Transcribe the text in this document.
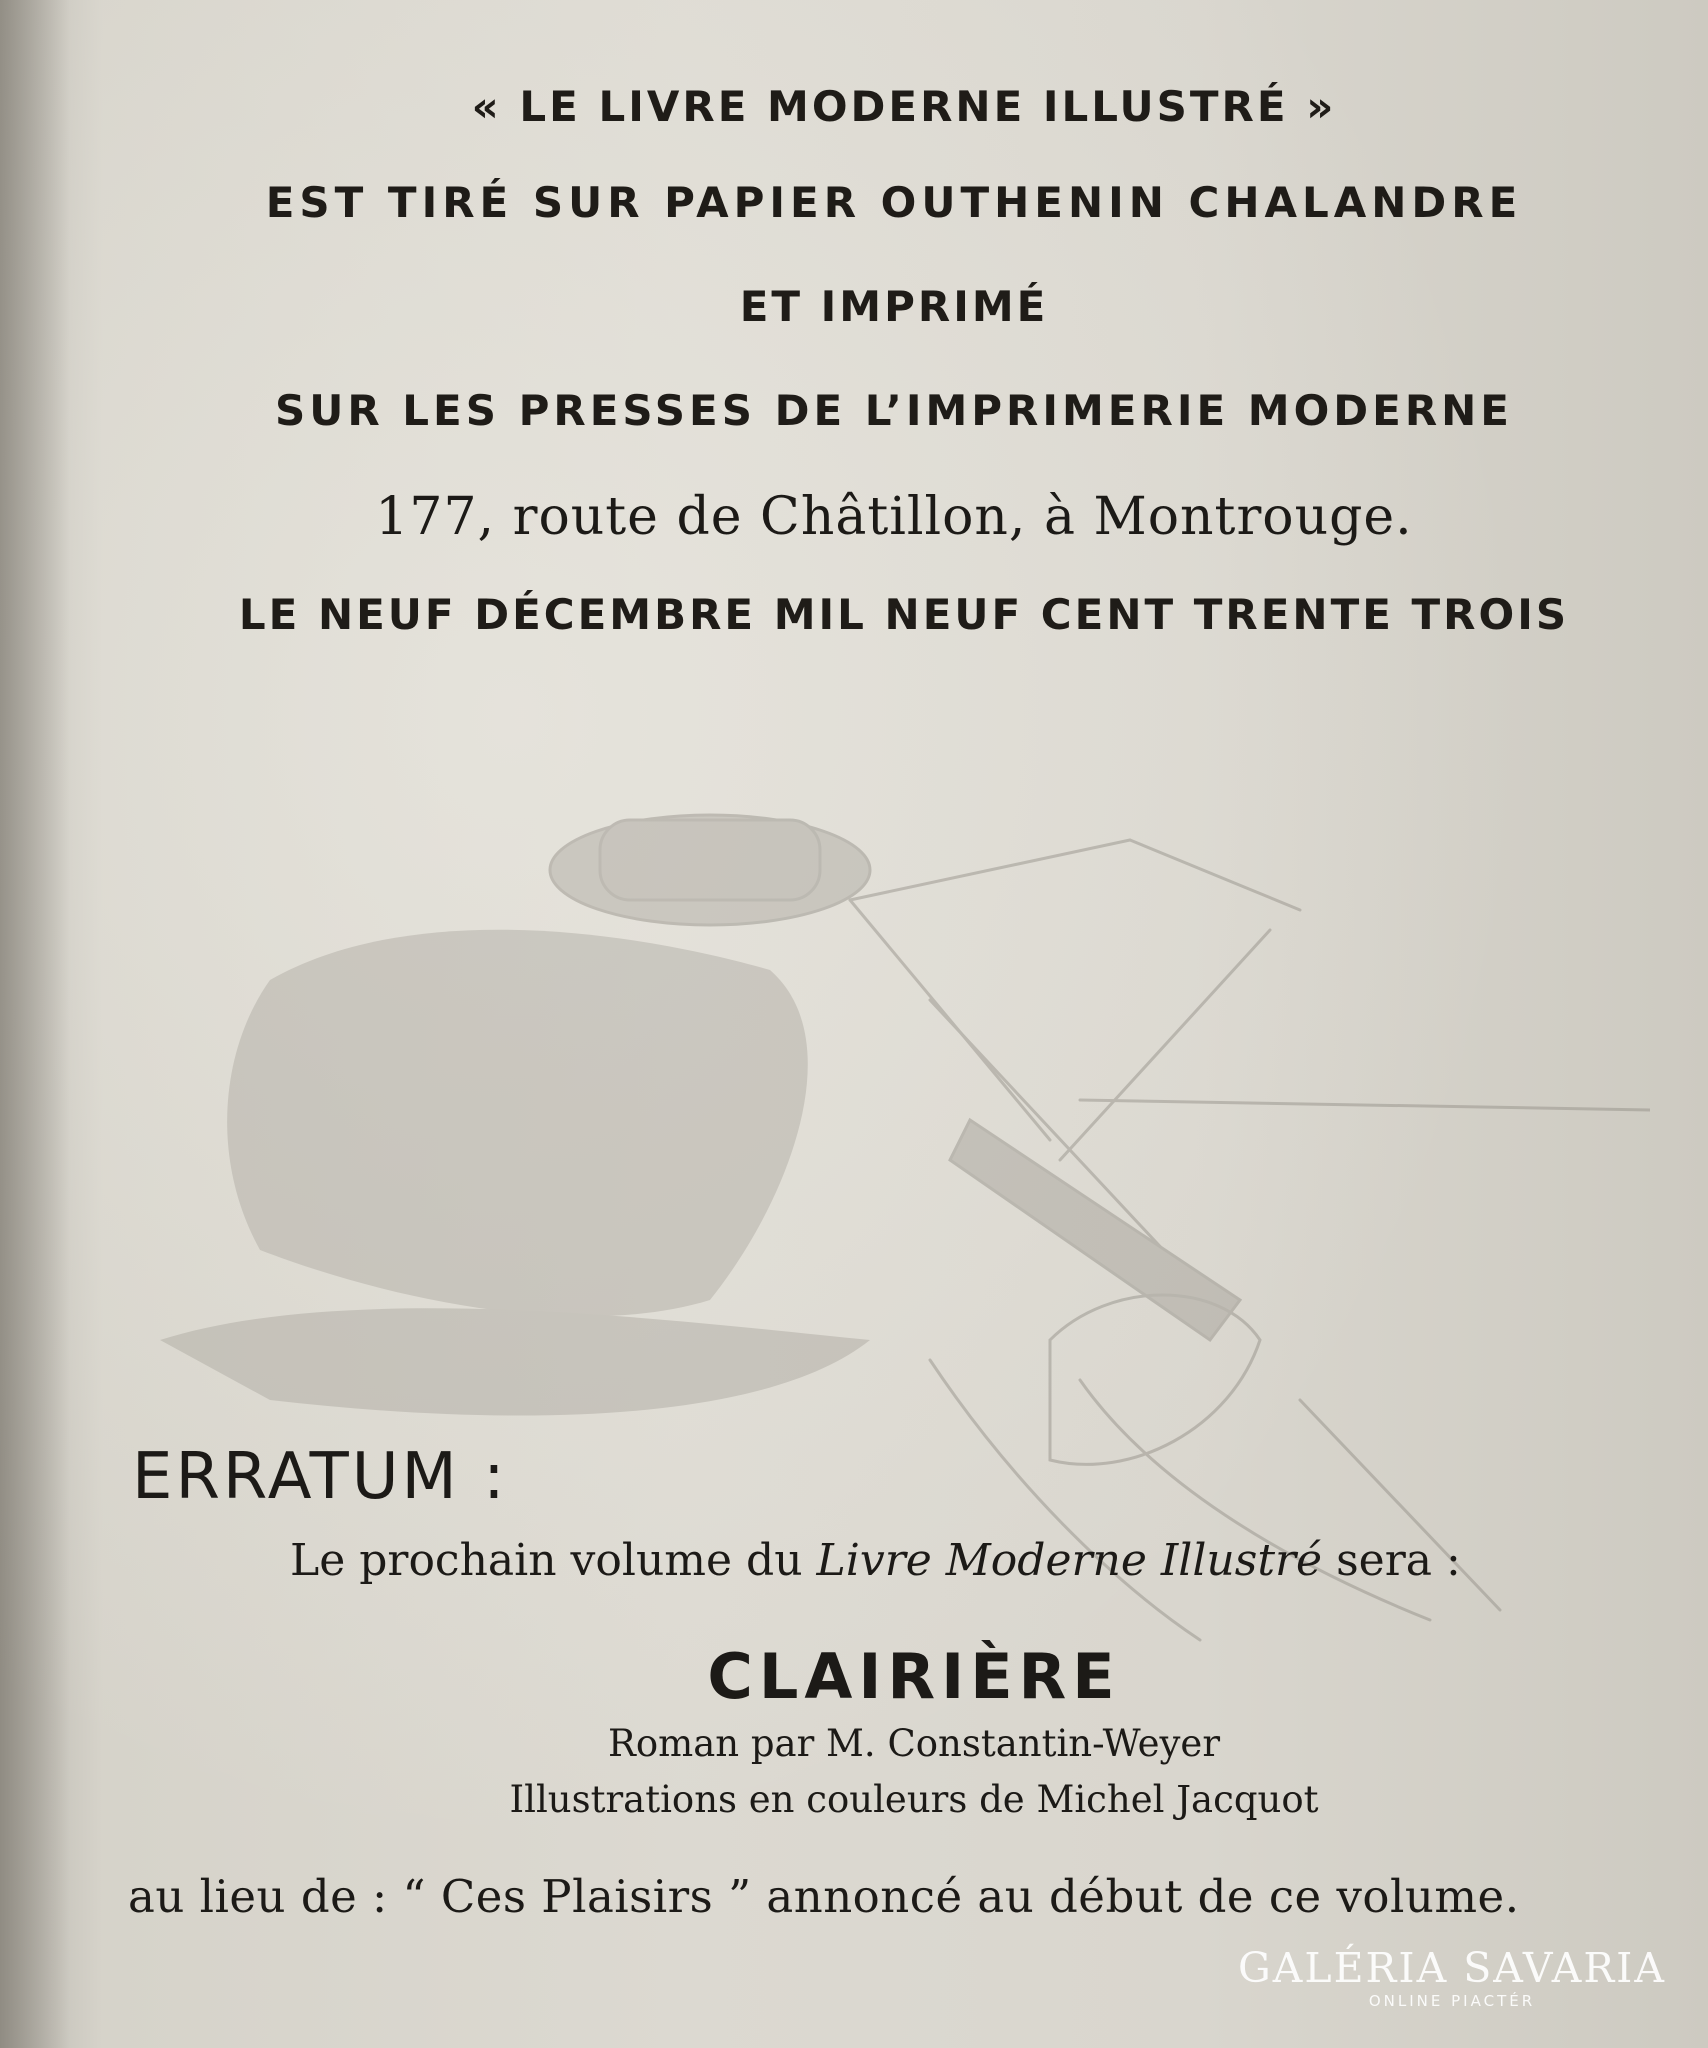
« LE LIVRE MODERNE ILLUSTRÉ »

EST TIRÉ SUR PAPIER OUTHENIN CHALANDRE

ET IMPRIMÉ

SUR LES PRESSES DE L’IMPRIMERIE MODERNE

177, route de Châtillon, à Montrouge.

LE NEUF DÉCEMBRE MIL NEUF CENT TRENTE TROIS

ERRATUM :

Le prochain volume du Livre Moderne Illustré sera :

CLAIRIÈRE

Roman par M. Constantin-Weyer

Illustrations en couleurs de Michel Jacquot

au lieu de : “ Ces Plaisirs ” annoncé au début de ce volume.

GALÉRIA SAVARIA
ONLINE PIACTÉR
